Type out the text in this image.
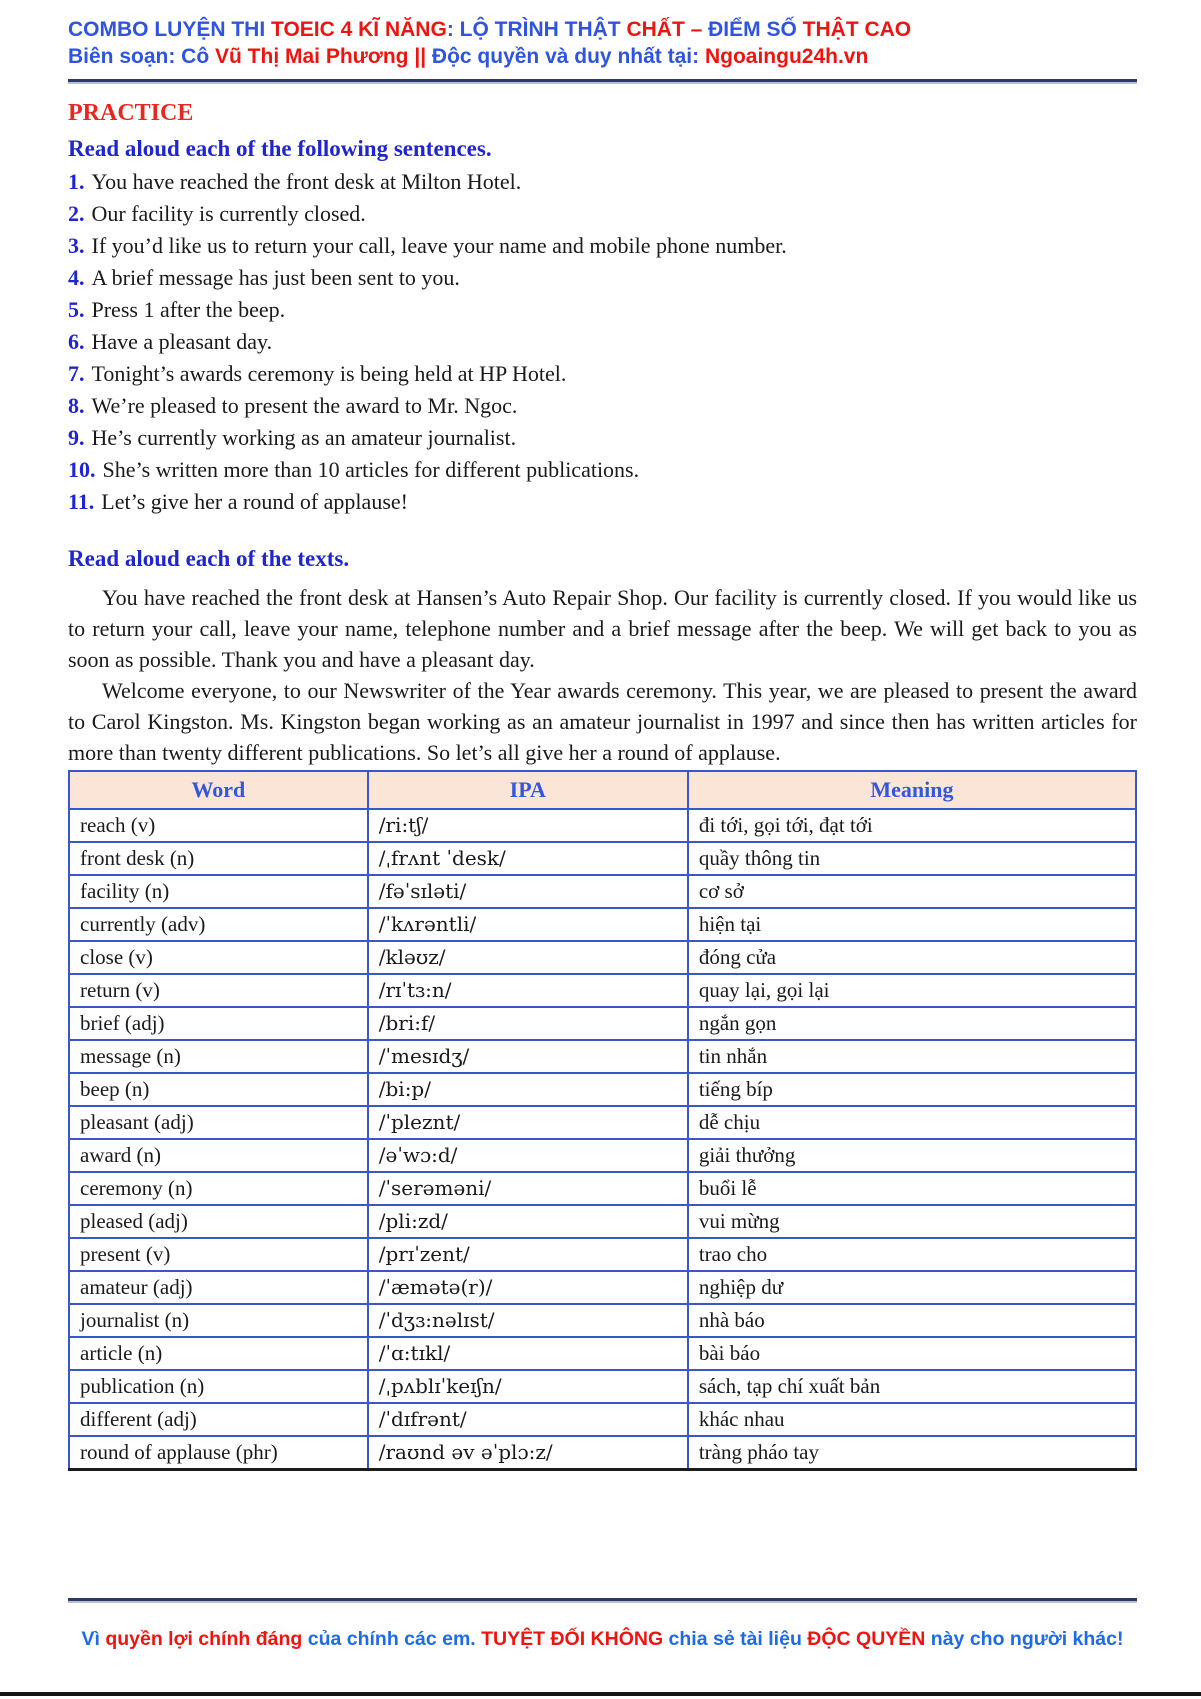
COMBO LUYỆN THI TOEIC 4 KĨ NĂNG: LỘ TRÌNH THẬT CHẤT – ĐIỂM SỐ THẬT CAO
Biên soạn: Cô Vũ Thị Mai Phương || Độc quyền và duy nhất tại: Ngoaingu24h.vn
PRACTICE
Read aloud each of the following sentences.
1. You have reached the front desk at Milton Hotel.
2. Our facility is currently closed.
3. If you’d like us to return your call, leave your name and mobile phone number.
4. A brief message has just been sent to you.
5. Press 1 after the beep.
6. Have a pleasant day.
7. Tonight’s awards ceremony is being held at HP Hotel.
8. We’re pleased to present the award to Mr. Ngoc.
9. He’s currently working as an amateur journalist.
10. She’s written more than 10 articles for different publications.
11. Let’s give her a round of applause!
Read aloud each of the texts.

You have reached the front desk at Hansen’s Auto Repair Shop. Our facility is currently closed. If you would like us to return your call, leave your name, telephone number and a brief message after the beep. We will get back to you as soon as possible. Thank you and have a pleasant day.

Welcome everyone, to our Newswriter of the Year awards ceremony. This year, we are pleased to present the award to Carol Kingston. Ms. Kingston began working as an amateur journalist in 1997 and since then has written articles for more than twenty different publications. So let’s all give her a round of applause.

Word	IPA	Meaning
reach (v)	/ri:tʃ/	đi tới, gọi tới, đạt tới
front desk (n)	/ˌfrʌnt ˈdesk/	quầy thông tin
facility (n)	/fəˈsɪləti/	cơ sở
currently (adv)	/ˈkʌrəntli/	hiện tại
close (v)	/kləʊz/	đóng cửa
return (v)	/rɪˈtɜ:n/	quay lại, gọi lại
brief (adj)	/bri:f/	ngắn gọn
message (n)	/ˈmesɪdʒ/	tin nhắn
beep (n)	/bi:p/	tiếng bíp
pleasant (adj)	/ˈpleznt/	dễ chịu
award (n)	/əˈwɔ:d/	giải thưởng
ceremony (n)	/ˈserəməni/	buổi lễ
pleased (adj)	/pli:zd/	vui mừng
present (v)	/prɪˈzent/	trao cho
amateur (adj)	/ˈæmətə(r)/	nghiệp dư
journalist (n)	/ˈdʒɜ:nəlɪst/	nhà báo
article (n)	/ˈɑ:tɪkl/	bài báo
publication (n)	/ˌpʌblɪˈkeɪʃn/	sách, tạp chí xuất bản
different (adj)	/ˈdɪfrənt/	khác nhau
round of applause (phr)	/raʊnd əv əˈplɔ:z/	tràng pháo tay
Vì quyền lợi chính đáng của chính các em. TUYỆT ĐỐI KHÔNG chia sẻ tài liệu ĐỘC QUYỀN này cho người khác!
